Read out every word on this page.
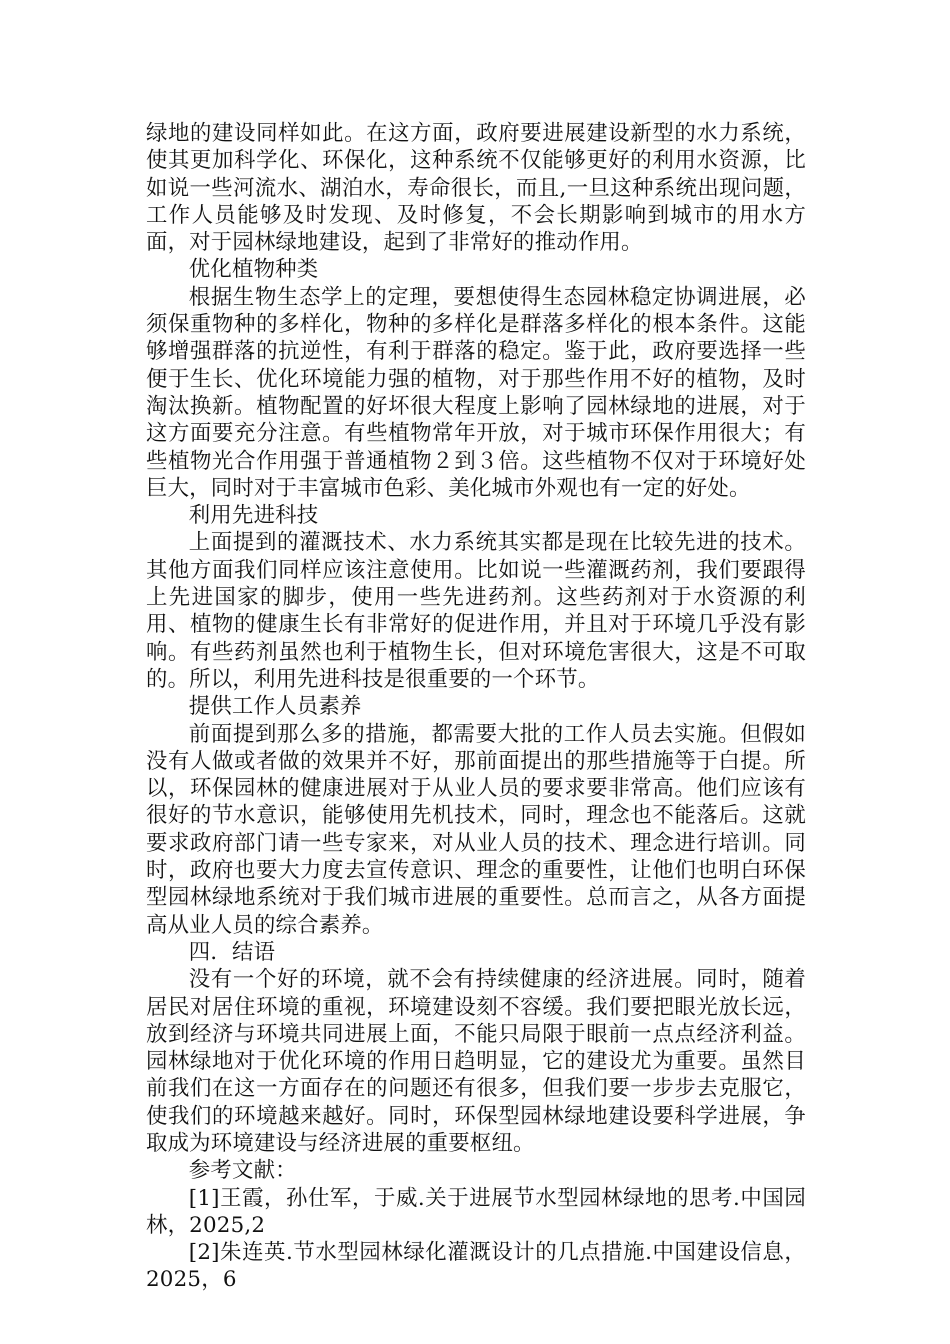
绿地的建设同样如此。在这方面，政府要进展建设新型的水力系统，使其更加科学化、环保化，这种系统不仅能够更好的利用水资源，比如说一些河流水、湖泊水，寿命很长，而且,一旦这种系统出现问题，工作人员能够及时发现、及时修复，不会长期影响到城市的用水方面，对于园林绿地建设，起到了非常好的推动作用。

优化植物种类

根据生物生态学上的定理，要想使得生态园林稳定协调进展，必须保重物种的多样化，物种的多样化是群落多样化的根本条件。这能够增强群落的抗逆性，有利于群落的稳定。鉴于此，政府要选择一些便于生长、优化环境能力强的植物，对于那些作用不好的植物，及时淘汰换新。植物配置的好坏很大程度上影响了园林绿地的进展，对于这方面要充分注意。有些植物常年开放，对于城市环保作用很大；有些植物光合作用强于普通植物２到３倍。这些植物不仅对于环境好处巨大，同时对于丰富城市色彩、美化城市外观也有一定的好处。

利用先进科技

上面提到的灌溉技术、水力系统其实都是现在比较先进的技术。其他方面我们同样应该注意使用。比如说一些灌溉药剂，我们要跟得上先进国家的脚步，使用一些先进药剂。这些药剂对于水资源的利用、植物的健康生长有非常好的促进作用，并且对于环境几乎没有影响。有些药剂虽然也利于植物生长，但对环境危害很大，这是不可取的。所以，利用先进科技是很重要的一个环节。

提供工作人员素养

前面提到那么多的措施，都需要大批的工作人员去实施。但假如没有人做或者做的效果并不好，那前面提出的那些措施等于白提。所以，环保园林的健康进展对于从业人员的要求要非常高。他们应该有很好的节水意识，能够使用先机技术，同时，理念也不能落后。这就要求政府部门请一些专家来，对从业人员的技术、理念进行培训。同时，政府也要大力度去宣传意识、理念的重要性，让他们也明白环保型园林绿地系统对于我们城市进展的重要性。总而言之，从各方面提高从业人员的综合素养。

四．结语

没有一个好的环境，就不会有持续健康的经济进展。同时，随着居民对居住环境的重视，环境建设刻不容缓。我们要把眼光放长远，放到经济与环境共同进展上面，不能只局限于眼前一点点经济利益。园林绿地对于优化环境的作用日趋明显，它的建设尤为重要。虽然目前我们在这一方面存在的问题还有很多，但我们要一步步去克服它，使我们的环境越来越好。同时，环保型园林绿地建设要科学进展，争取成为环境建设与经济进展的重要枢纽。

参考文献：

[1]王霞，孙仕军，于威.关于进展节水型园林绿地的思考.中国园林，2025,2

[2]朱连英.节水型园林绿化灌溉设计的几点措施.中国建设信息，2025，6
